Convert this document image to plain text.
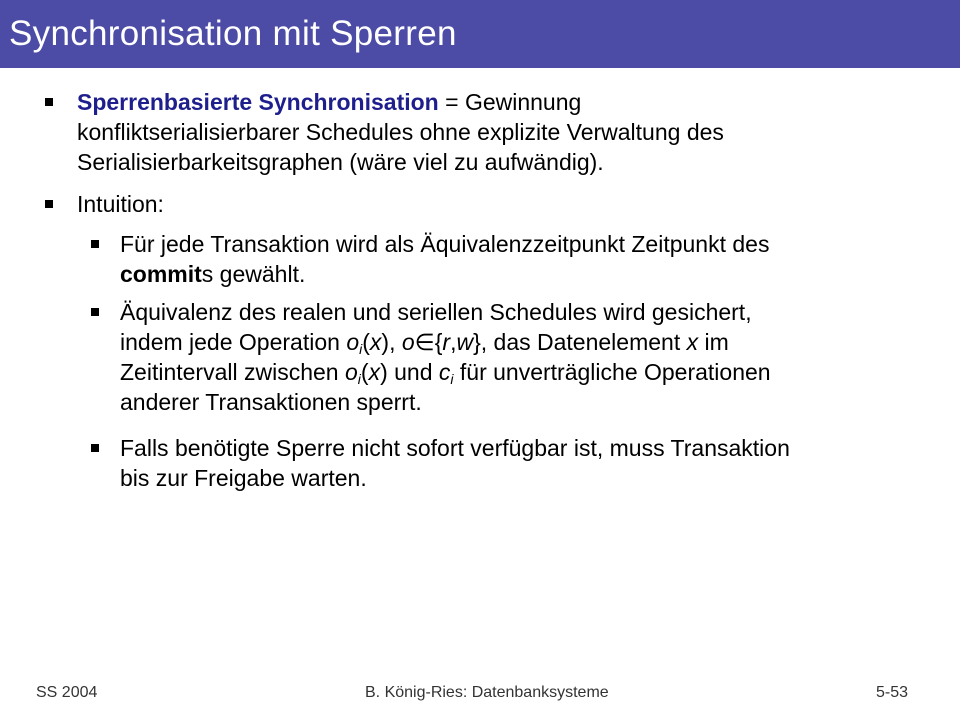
Synchronisation mit Sperren
Sperrenbasierte Synchronisation = Gewinnung
konfliktserialisierbarer Schedules ohne explizite Verwaltung des
Serialisierbarkeitsgraphen (wäre viel zu aufwändig).
Intuition:
Für jede Transaktion wird als Äquivalenzzeitpunkt Zeitpunkt des
commits gewählt.
Äquivalenz des realen und seriellen Schedules wird gesichert,
indem jede Operation $o_i(x)$, o∈{r,w}, das Datenelement x im
Zeitintervall zwischen $o_i(x)$ und $c_i$ für unverträgliche Operationen
anderer Transaktionen sperrt.
Falls benötigte Sperre nicht sofort verfügbar ist, muss Transaktion
bis zur Freigabe warten.
SS 2004	B. König-Ries: Datenbanksysteme	5-53
